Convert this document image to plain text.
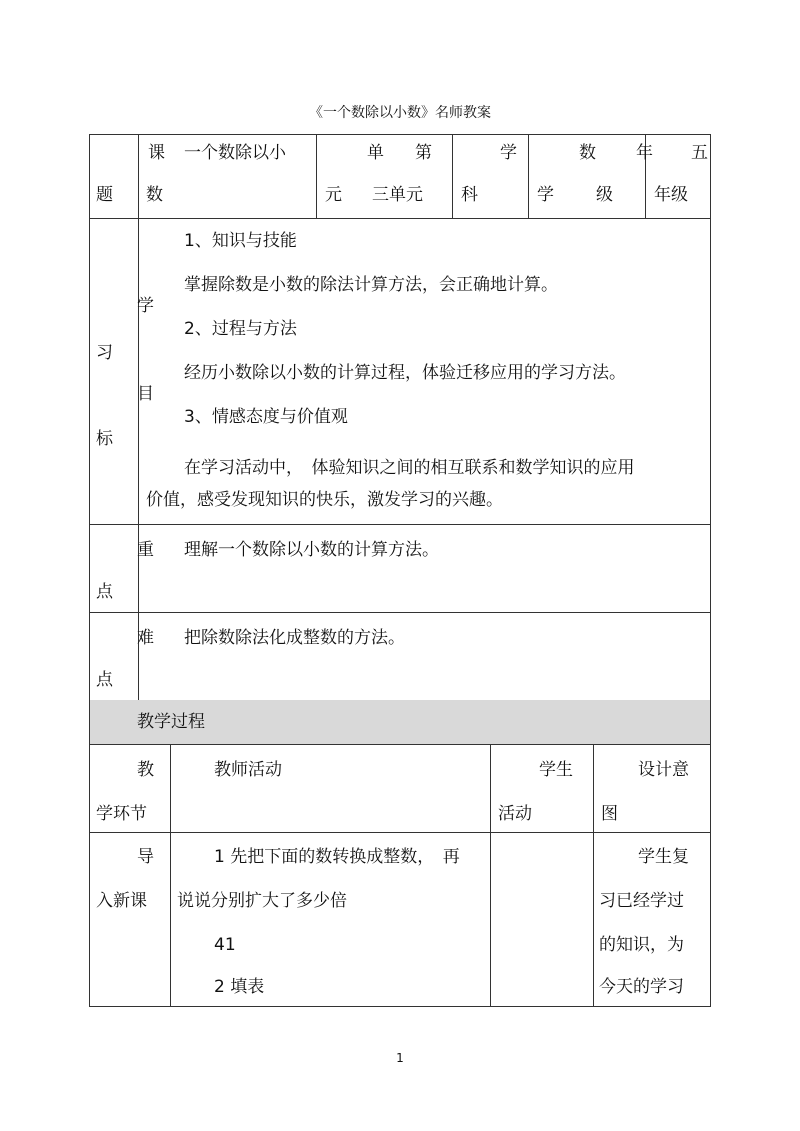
《一个数除以小数》名师教案
课
题
一个数除以小
数
单 第
元 三单元
学
科
数
学
年
级
五
年级
学
习
目
标
1、知识与技能
掌握除数是小数的除法计算方法，会正确地计算。
2、过程与方法
经历小数除以小数的计算过程，体验迁移应用的学习方法。
3、情感态度与价值观
在学习活动中，　体验知识之间的相互联系和数学知识的应用
价值，感受发现知识的快乐，激发学习的兴趣。
重
点
理解一个数除以小数的计算方法。
难
点
把除数除法化成整数的方法。
教学过程
教
学环节
教师活动	学生
活动
设计意
图
导
入新课
1 先把下面的数转换成整数，　再
说说分别扩大了多少倍
41
2 填表
学生复
习已经学过
的知识，为
今天的学习
1
